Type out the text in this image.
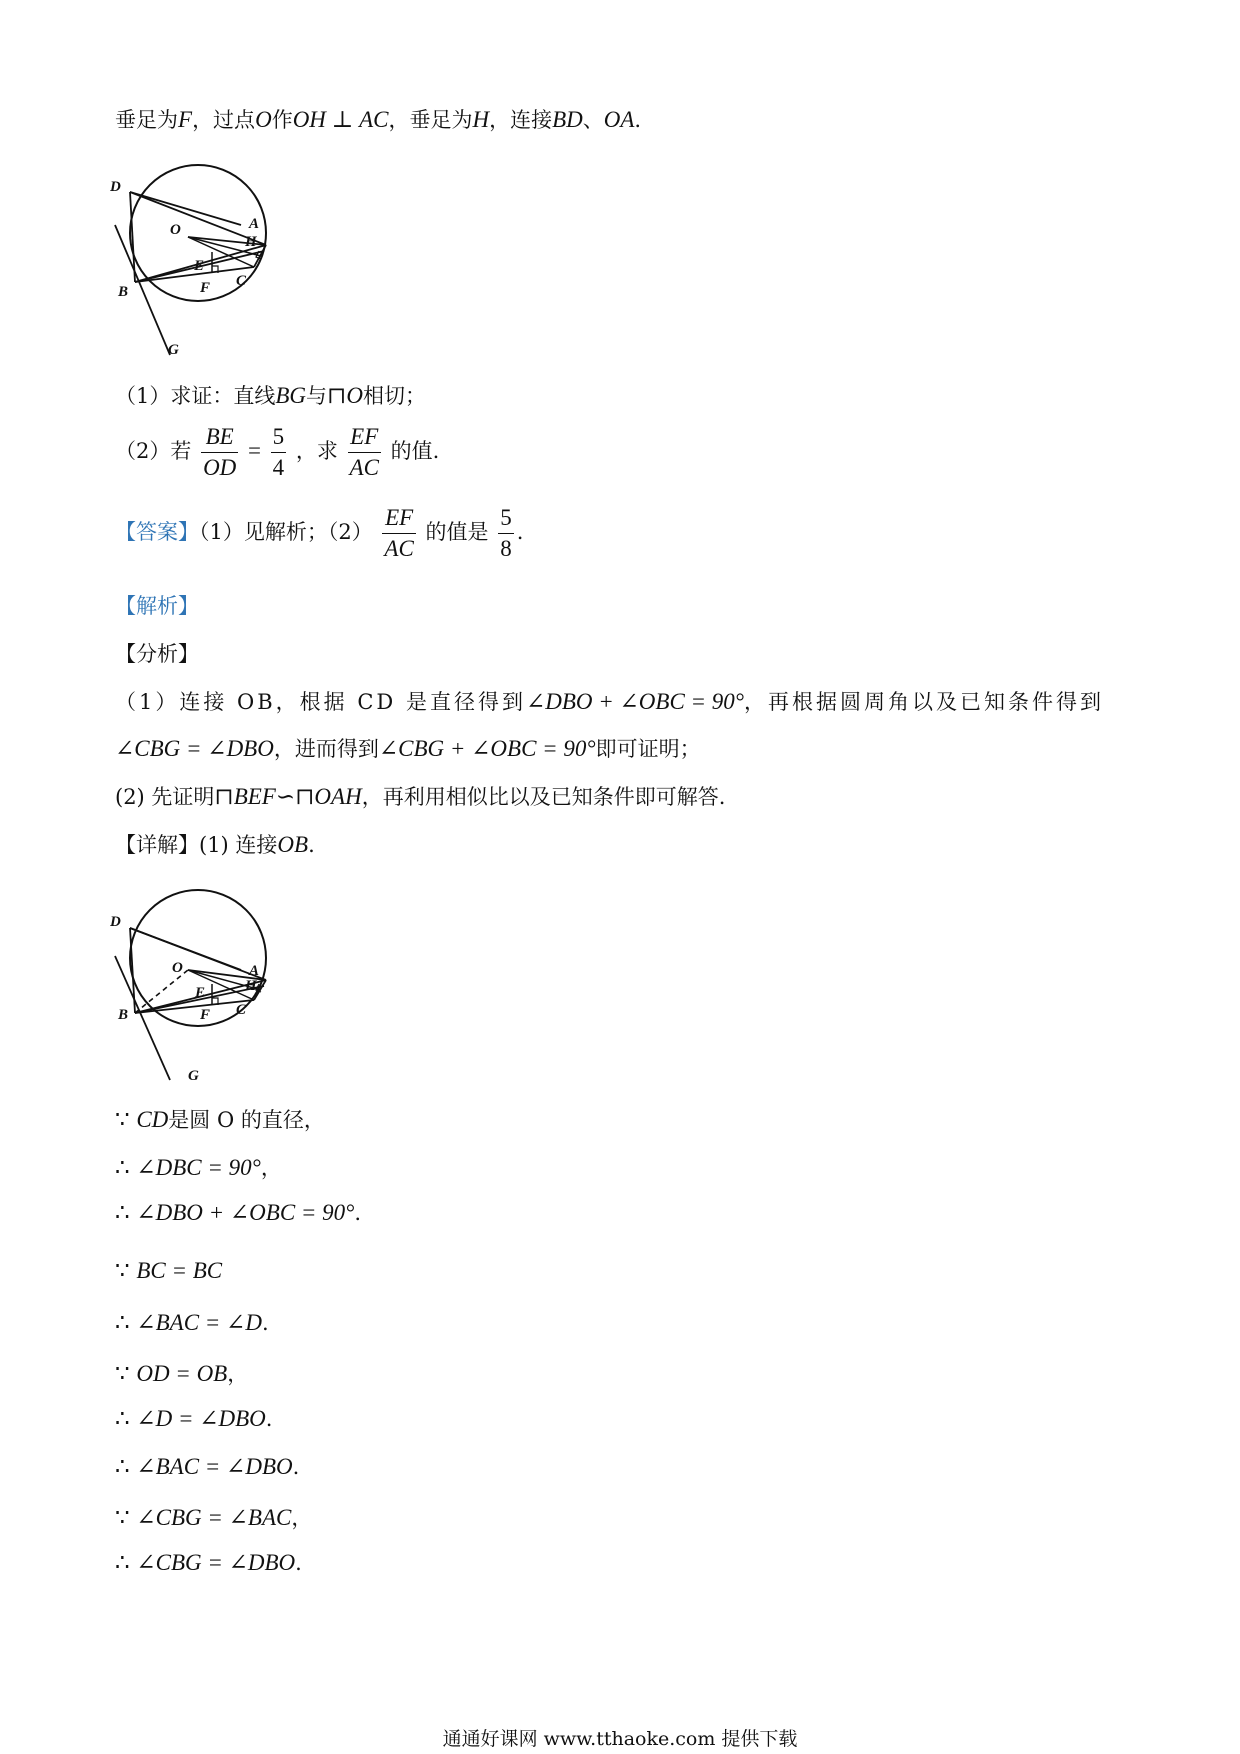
垂足为F，过点O作OH ⊥ AC，垂足为H，连接BD、OA.
D
O	A
H
E
B	F C
G
（1）求证：直线BG与⊓O相切；
（2）若 $\frac{BE}{OD} = \frac{5}{4}$ ，求 $\frac{EF}{AC}$ 的值.
【答案】（1）见解析；$(2) \frac{EF}{AC}$ 的值是 $\frac{5}{8}$ .
【解析】
【分析】
（1）连接 OB，根据 CD 是直径得到∠DBO + ∠OBC = 90°，再根据圆周角以及已知条件得到
∠CBG = ∠DBO，进而得到∠CBG + ∠OBC = 90°即可证明；
(2) 先证明⊓BEF∽⊓OAH，再利用相似比以及已知条件即可解答.
【详解】(1) 连接OB.
D
O	A
H
E
B	F C
G
∵ CD是圆 O 的直径，
∴ ∠DBC = 90°，
∴ ∠DBO + ∠OBC = 90°.
∵ BC = BC
∴ ∠BAC = ∠D.
∵ OD = OB，
∴ ∠D = ∠DBO.
∴ ∠BAC = ∠DBO.
∵ ∠CBG = ∠BAC，
∴ ∠CBG = ∠DBO.
通通好课网 www.tthaoke.com 提供下载
